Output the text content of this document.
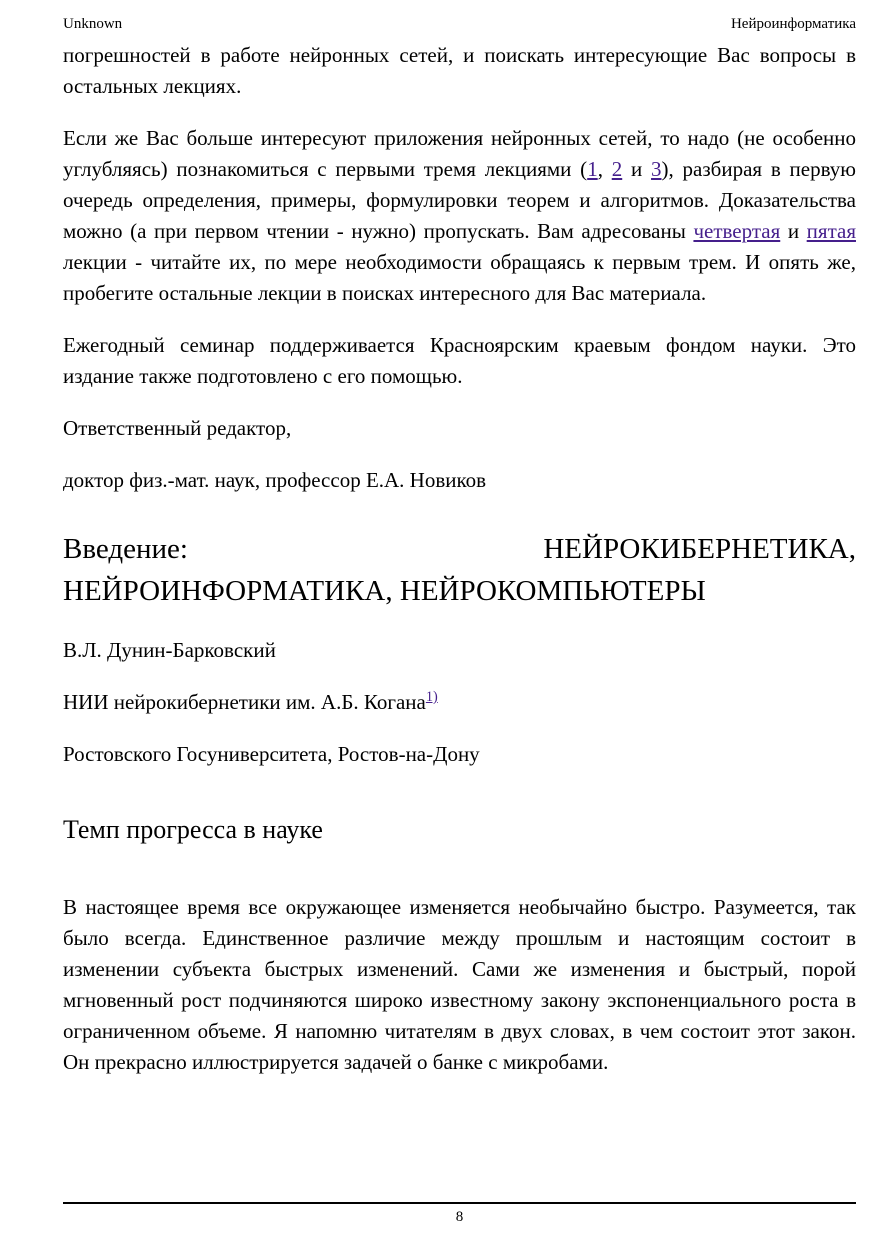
Unknown	Нейроинформатика

погрешностей в работе нейронных сетей, и поискать интересующие Вас вопросы в остальных лекциях.

Если же Вас больше интересуют приложения нейронных сетей, то надо (не особенно углубляясь) познакомиться с первыми тремя лекциями (1, 2 и 3), разбирая в первую очередь определения, примеры, формулировки теорем и алгоритмов. Доказательства можно (а при первом чтении - нужно) пропускать. Вам адресованы четвертая и пятая лекции - читайте их, по мере необходимости обращаясь к первым трем. И опять же, пробегите остальные лекции в поисках интересного для Вас материала.

Ежегодный семинар поддерживается Красноярским краевым фондом науки. Это издание также подготовлено с его помощью.

Ответственный редактор,

доктор физ.-мат. наук, профессор Е.А. Новиков

Введение:	НЕЙРОКИБЕРНЕТИКА,
НЕЙРОИНФОРМАТИКА, НЕЙРОКОМПЬЮТЕРЫ

В.Л. Дунин-Барковский

НИИ нейрокибернетики им. А.Б. Когана$^{1)}$

Ростовского Госуниверситета, Ростов-на-Дону

Темп прогресса в науке

В настоящее время все окружающее изменяется необычайно быстро. Разумеется, так было всегда. Единственное различие между прошлым и настоящим состоит в изменении субъекта быстрых изменений. Сами же изменения и быстрый, порой мгновенный рост подчиняются широко известному закону экспоненциального роста в ограниченном объеме. Я напомню читателям в двух словах, в чем состоит этот закон. Он прекрасно иллюстрируется задачей о банке с микробами.

8
